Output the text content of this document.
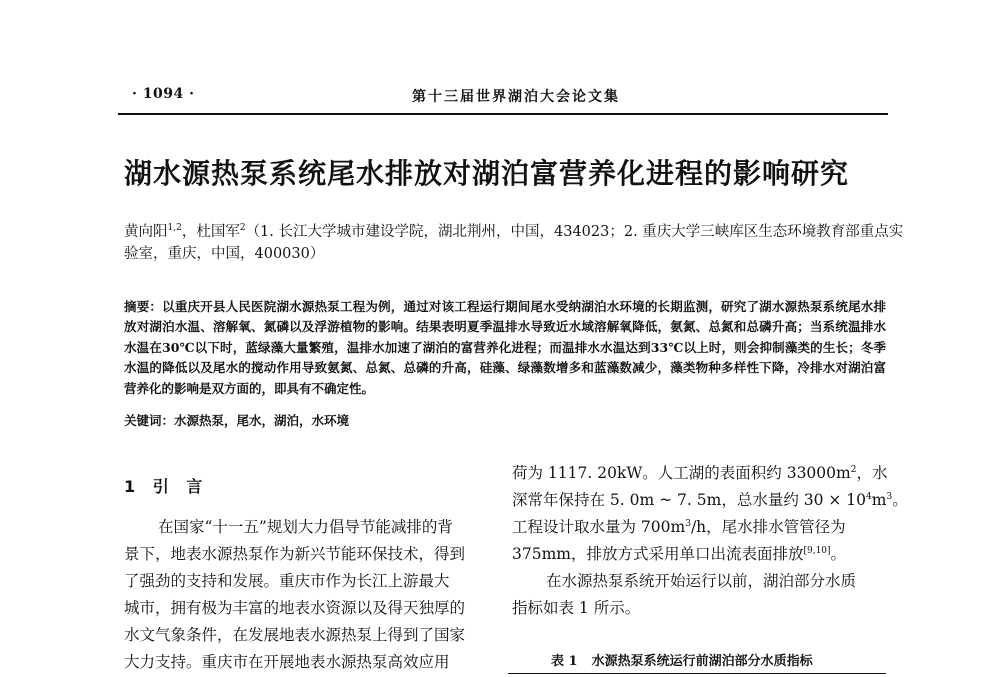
· 1094 ·	第十三届世界湖泊大会论文集
湖水源热泵系统尾水排放对湖泊富营养化进程的影响研究
黄向阳$^{1,2}$，杜国军$^2$（1. 长江大学城市建设学院，湖北荆州，中国，434023；2. 重庆大学三峡库区生态环境教育部重点实
验室，重庆，中国，400030）

摘要：以重庆开县人民医院湖水源热泵工程为例，通过对该工程运行期间尾水受纳湖泊水环境的长期监测，研究了湖水源热泵系统尾水排放对湖泊水温、溶解氧、氮磷以及浮游植物的影响。结果表明夏季温排水导致近水域溶解氧降低，氨氮、总氮和总磷升高；当系统温排水水温在30℃以下时，蓝绿藻大量繁殖，温排水加速了湖泊的富营养化进程；而温排水水温达到33℃以上时，则会抑制藻类的生长；冬季水温的降低以及尾水的搅动作用导致氨氮、总氮、总磷的升高，硅藻、绿藻数增多和蓝藻数减少，藻类物种多样性下降，冷排水对湖泊富营养化的影响是双方面的，即具有不确定性。

关键词：水源热泵，尾水，湖泊，水环境
1 引 言
在国家“十一五”规划大力倡导节能减排的背
景下，地表水源热泵作为新兴节能环保技术，得到
了强劲的支持和发展。重庆市作为长江上游最大
城市，拥有极为丰富的地表水资源以及得天独厚的
水文气象条件，在发展地表水源热泵上得到了国家
大力支持。重庆市在开展地表水源热泵高效应用
荷为 1117. 20kW。人工湖的表面积约 $33000m^2$，水
深常年保持在 5. 0m ~ 7. 5m，总水量约 $30 \times 10^4m^3$。
工程设计取水量为 $700m^3/h$，尾水排水管管径为
375mm，排放方式采用单口出流表面排放[9,10]。
在水源热泵系统开始运行以前，湖泊部分水质
指标如表 1 所示。
表 1 水源热泵系统运行前湖泊部分水质指标
